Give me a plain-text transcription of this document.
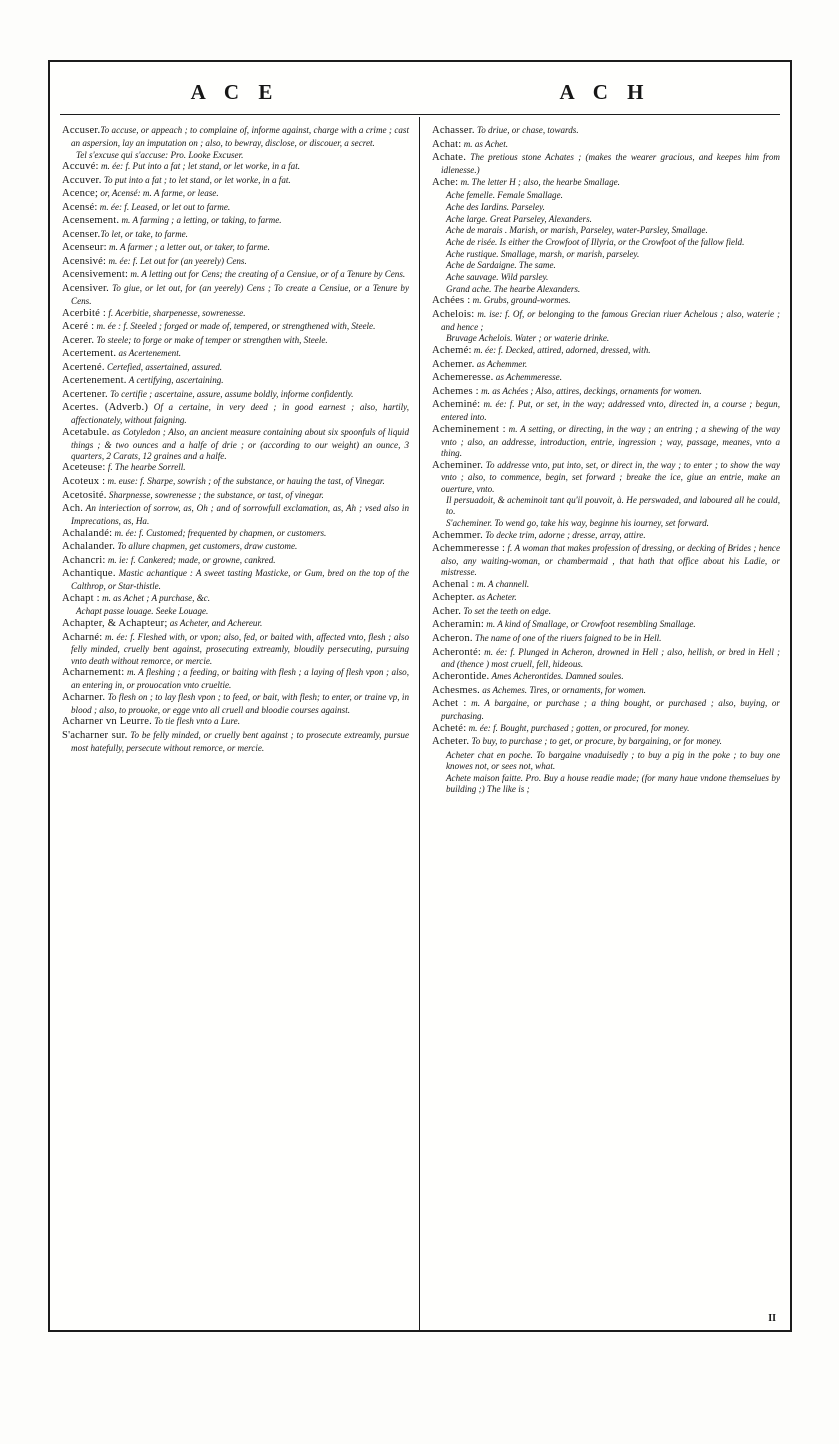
A C E	A C H

Accuser.To accuse, or appeach ; to complaine of, informe against, charge with a crime ; cast an aspersion, lay an imputation on ; also, to bewray, disclose, or discouer, a secret.

Tel s'excuse qui s'accuse: Pro. Looke Excuser.

Accuvé: m. ée: f. Put into a fat ; let stand, or let worke, in a fat.

Accuver. To put into a fat ; to let stand, or let worke, in a fat.

Acence; or, Acensé: m. A farme, or lease.

Acensé: m. ée: f. Leased, or let out to farme.

Acensement. m. A farming ; a letting, or taking, to farme.

Acenser.To let, or take, to farme.

Acenseur: m. A farmer ; a letter out, or taker, to farme.

Acensivé: m. ée: f. Let out for (an yeerely) Cens.

Acensivement: m. A letting out for Cens; the creating of a Censiue, or of a Tenure by Cens.

Acensiver. To giue, or let out, for (an yeerely) Cens ; To create a Censiue, or a Tenure by Cens.

Acerbité : f. Acerbitie, sharpenesse, sowrenesse.

Aceré : m. ée : f. Steeled ; forged or made of, tempered, or strengthened with, Steele.

Acerer. To steele; to forge or make of temper or strengthen with, Steele.

Acertement. as Acertenement.

Acertené. Certefied, assertained, assured.

Acertenement. A certifying, ascertaining.

Acertener. To certifie ; ascertaine, assure, assume boldly, informe confidently.

Acertes. (Adverb.) Of a certaine, in very deed ; in good earnest ; also, hartily, affectionately, without faigning.

Acetabule. as Cotyledon ; Also, an ancient measure containing about six spoonfuls of liquid things ; & two ounces and a halfe of drie ; or (according to our weight) an ounce, 3 quarters, 2 Carats, 12 graines and a halfe.

Aceteuse: f. The hearbe Sorrell.

Acoteux : m. euse: f. Sharpe, sowrish ; of the substance, or hauing the tast, of Vinegar.

Acetosité. Sharpnesse, sowrenesse ; the substance, or tast, of vinegar.

Ach. An interiection of sorrow, as, Oh ; and of sorrowfull exclamation, as, Ah ; vsed also in Imprecations, as, Ha.

Achalandé: m. ée: f. Customed; frequented by chapmen, or customers.

Achalander. To allure chapmen, get customers, draw custome.

Achancri: m. ie: f. Cankered; made, or growne, cankred.

Achantique. Mastic achantique : A sweet tasting Masticke, or Gum, bred on the top of the Calthrop, or Star-thistle.

Achapt : m. as Achet ; A purchase, &c.

Achapt passe louage. Seeke Louage.

Achapter, & Achapteur; as Acheter, and Achereur.

Acharné: m. ée: f. Fleshed with, or vpon; also, fed, or baited with, affected vnto, flesh ; also felly minded, cruelly bent against, prosecuting extreamly, bloudily persecuting, pursuing vnto death without remorce, or mercie.

Acharnement: m. A fleshing ; a feeding, or baiting with flesh ; a laying of flesh vpon ; also, an entering in, or prouocation vnto crueltie.

Acharner. To flesh on ; to lay flesh vpon ; to feed, or bait, with flesh; to enter, or traine vp, in blood ; also, to prouoke, or egge vnto all cruell and bloodie courses against.

Acharner vn Leurre. To tie flesh vnto a Lure.

S'acharner sur. To be felly minded, or cruelly bent against ; to prosecute extreamly, pursue most hatefully, persecute without remorce, or mercie.

Achasser. To driue, or chase, towards.

Achat: m. as Achet.

Achate. The pretious stone Achates ; (makes the wearer gracious, and keepes him from idlenesse.)

Ache: m. The letter H ; also, the hearbe Smallage.

Ache femelle. Female Smallage.

Ache des Iardins. Parseley.

Ache large. Great Parseley, Alexanders.

Ache de marais . Marish, or marish, Parseley, water-Parsley, Smallage.

Ache de risée. Is either the Crowfoot of Illyria, or the Crowfoot of the fallow field.

Ache rustique. Smallage, marsh, or marish, parseley.

Ache de Sardaigne. The same.

Ache sauvage. Wild parsley.

Grand ache. The hearbe Alexanders.

Achées : m. Grubs, ground-wormes.

Achelois: m. ise: f. Of, or belonging to the famous Grecian riuer Achelous ; also, waterie ; and hence ;

Bruvage Achelois. Water ; or waterie drinke.

Achemé: m. ée: f. Decked, attired, adorned, dressed, with.

Achemer. as Achemmer.

Achemeresse. as Achemmeresse.

Achemes : m. as Achées ; Also, attires, deckings, ornaments for women.

Acheminé: m. ée: f. Put, or set, in the way; addressed vnto, directed in, a course ; begun, entered into.

Acheminement : m. A setting, or directing, in the way ; an entring ; a shewing of the way vnto ; also, an addresse, introduction, entrie, ingression ; way, passage, meanes, vnto a thing.

Acheminer. To addresse vnto, put into, set, or direct in, the way ; to enter ; to show the way vnto ; also, to commence, begin, set forward ; breake the ice, giue an entrie, make an ouerture, vnto.

Il persuadoit, & acheminoit tant qu'il pouvoit, à. He perswaded, and laboured all he could, to.

S'acheminer. To wend go, take his way, beginne his iourney, set forward.

Achemmer. To decke trim, adorne ; dresse, array, attire.

Achemmeresse : f. A woman that makes profession of dressing, or decking of Brides ; hence also, any waiting-woman, or chambermaid , that hath that office about his Ladie, or mistresse.

Achenal : m. A channell.

Achepter. as Acheter.

Acher. To set the teeth on edge.

Acheramin: m. A kind of Smallage, or Crowfoot resembling Smallage.

Acheron. The name of one of the riuers faigned to be in Hell.

Acheronté: m. ée: f. Plunged in Acheron, drowned in Hell ; also, hellish, or bred in Hell ; and (thence ) most cruell, fell, hideous.

Acherontide. Ames Acherontides. Damned soules.

Achesmes. as Achemes. Tires, or ornaments, for women.

Achet : m. A bargaine, or purchase ; a thing bought, or purchased ; also, buying, or purchasing.

Acheté: m. ée: f. Bought, purchased ; gotten, or procured, for money.

Acheter. To buy, to purchase ; to get, or procure, by bargaining, or for money.

Acheter chat en poche. To bargaine vnaduisedly ; to buy a pig in the poke ; to buy one knowes not, or sees not, what.

Achete maison faitte. Pro. Buy a house readie made; (for many haue vndone themselues by building ;) The like is ;

II
